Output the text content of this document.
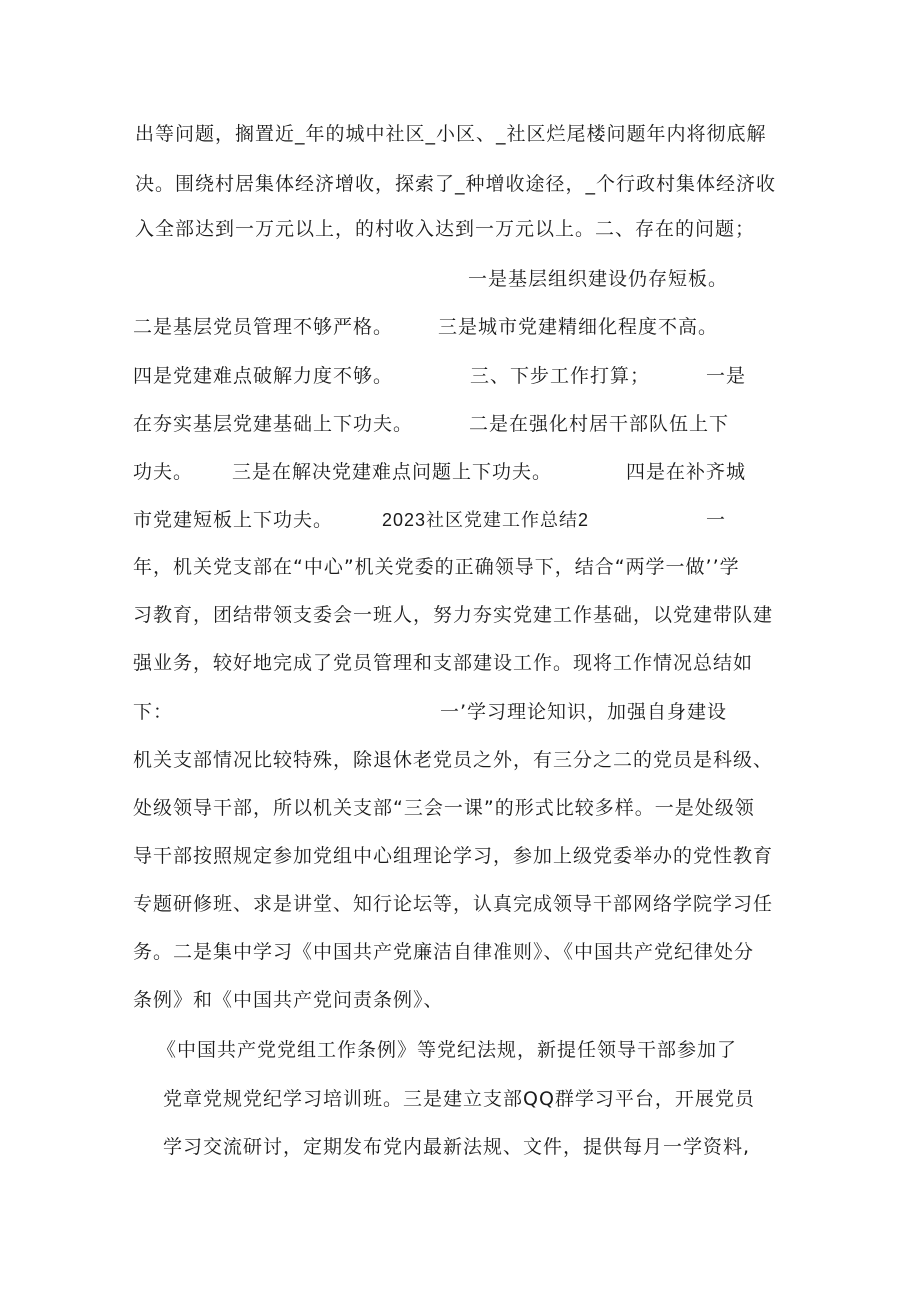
出等问题，搁置近_年的城中社区_小区、_社区烂尾楼问题年内将彻底解
决。围绕村居集体经济增收，探索了_种增收途径，_个行政村集体经济收
入全部达到一万元以上，的村收入达到一万元以上。二、存在的问题；
一是基层组织建设仍存短板。
二是基层党员管理不够严格。 三是城市党建精细化程度不高。
四是党建难点破解力度不够。	三、下步工作打算；	一是
在夯实基层党建基础上下功夫。	二是在强化村居干部队伍上下
功夫。 三是在解决党建难点问题上下功夫。	四是在补齐城
市党建短板上下功夫。	2023社区党建工作总结2	一
年，机关党支部在“中心”机关党委的正确领导下，结合“两学一做’’学
习教育，团结带领支委会一班人，努力夯实党建工作基础，以党建带队建
强业务，较好地完成了党员管理和支部建设工作。现将工作情况总结如
下：	一’学习理论知识，加强自身建设
机关支部情况比较特殊，除退休老党员之外，有三分之二的党员是科级、
处级领导干部，所以机关支部“三会一课”的形式比较多样。一是处级领
导干部按照规定参加党组中心组理论学习，参加上级党委举办的党性教育
专题研修班、求是讲堂、知行论坛等，认真完成领导干部网络学院学习任
务。二是集中学习《中国共产党廉洁自律准则》、《中国共产党纪律处分
条例》和《中国共产党问责条例》、
《中国共产党党组工作条例》等党纪法规，新提任领导干部参加了
党章党规党纪学习培训班。三是建立支部QQ群学习平台，开展党员
学习交流研讨，定期发布党内最新法规、文件，提供每月一学资料,
